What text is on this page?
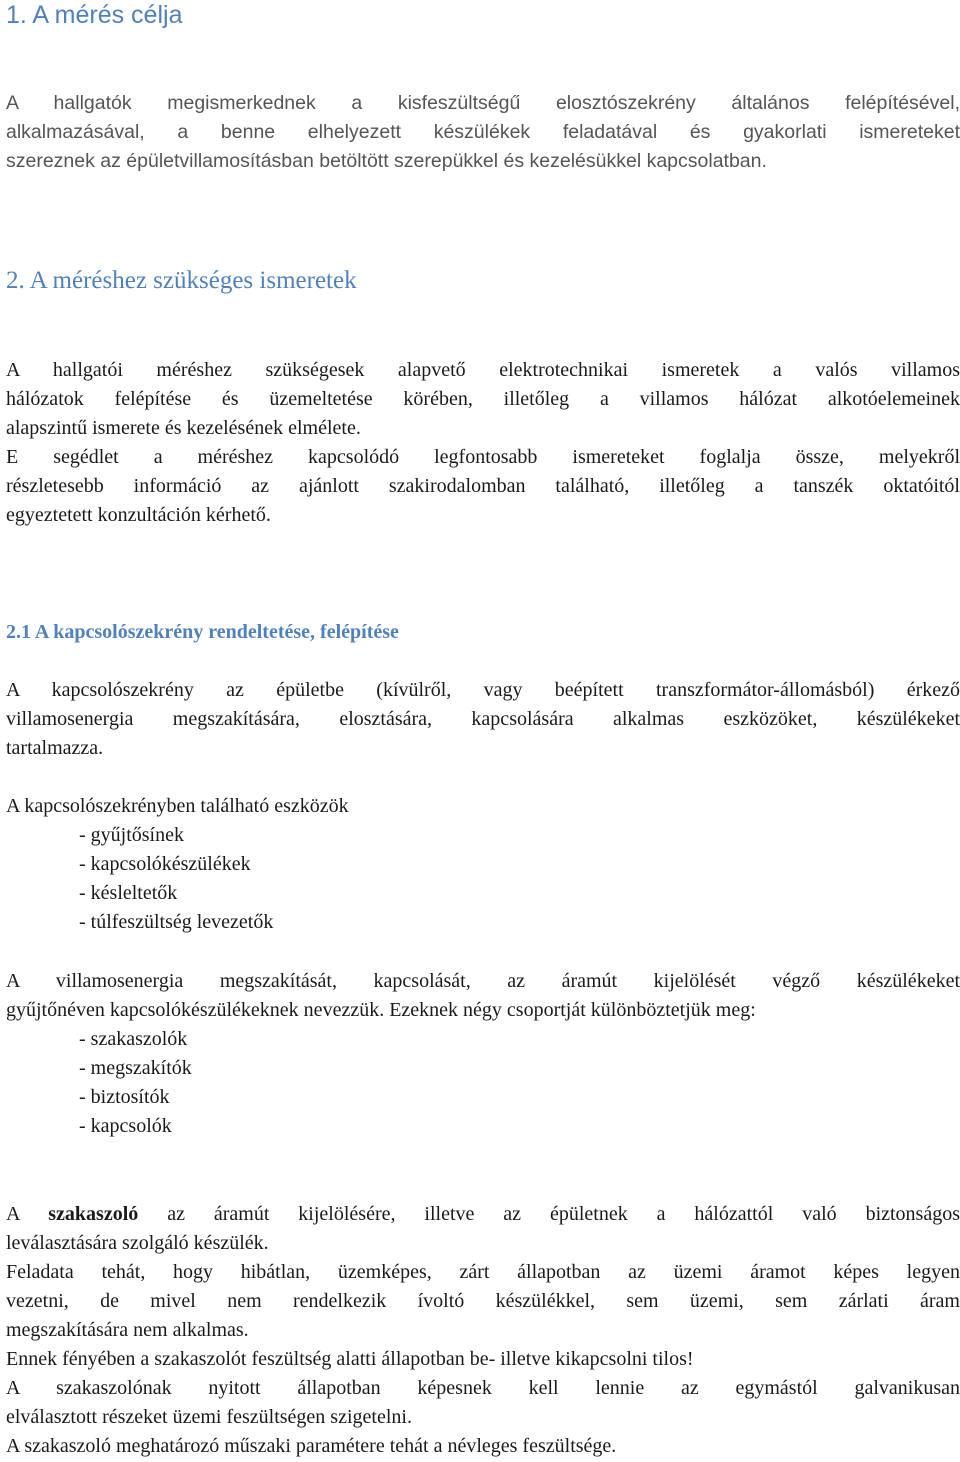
1. A mérés célja

A hallgatók megismerkednek a kisfeszültségű elosztószekrény általános felépítésével,
alkalmazásával, a benne elhelyezett készülékek feladatával és gyakorlati ismereteket
szereznek az épületvillamosításban betöltött szerepükkel és kezelésükkel kapcsolatban.

2. A méréshez szükséges ismeretek

A hallgatói méréshez szükségesek alapvető elektrotechnikai ismeretek a valós villamos
hálózatok felépítése és üzemeltetése körében, illetőleg a villamos hálózat alkotóelemeinek
alapszintű ismerete és kezelésének elmélete.

E segédlet a méréshez kapcsolódó legfontosabb ismereteket foglalja össze, melyekről
részletesebb információ az ajánlott szakirodalomban található, illetőleg a tanszék oktatóitól
egyeztetett konzultáción kérhető.

2.1 A kapcsolószekrény rendeltetése, felépítése

A kapcsolószekrény az épületbe (kívülről, vagy beépített transzformátor-állomásból) érkező
villamosenergia megszakítására, elosztására, kapcsolására alkalmas eszközöket, készülékeket
tartalmazza.

A kapcsolószekrényben található eszközök

- gyűjtősínek
- kapcsolókészülékek
- késleltetők
- túlfeszültség levezetők

A villamosenergia megszakítását, kapcsolását, az áramút kijelölését végző készülékeket
gyűjtőnéven kapcsolókészülékeknek nevezzük. Ezeknek négy csoportját különböztetjük meg:

- szakaszolók
- megszakítók
- biztosítók
- kapcsolók

A szakaszoló az áramút kijelölésére, illetve az épületnek a hálózattól való biztonságos
leválasztására szolgáló készülék.

Feladata tehát, hogy hibátlan, üzemképes, zárt állapotban az üzemi áramot képes legyen
vezetni, de mivel nem rendelkezik ívoltó készülékkel, sem üzemi, sem zárlati áram
megszakítására nem alkalmas.

Ennek fényében a szakaszolót feszültség alatti állapotban be- illetve kikapcsolni tilos!

A szakaszolónak nyitott állapotban képesnek kell lennie az egymástól galvanikusan
elválasztott részeket üzemi feszültségen szigetelni.

A szakaszoló meghatározó műszaki paramétere tehát a névleges feszültsége.
